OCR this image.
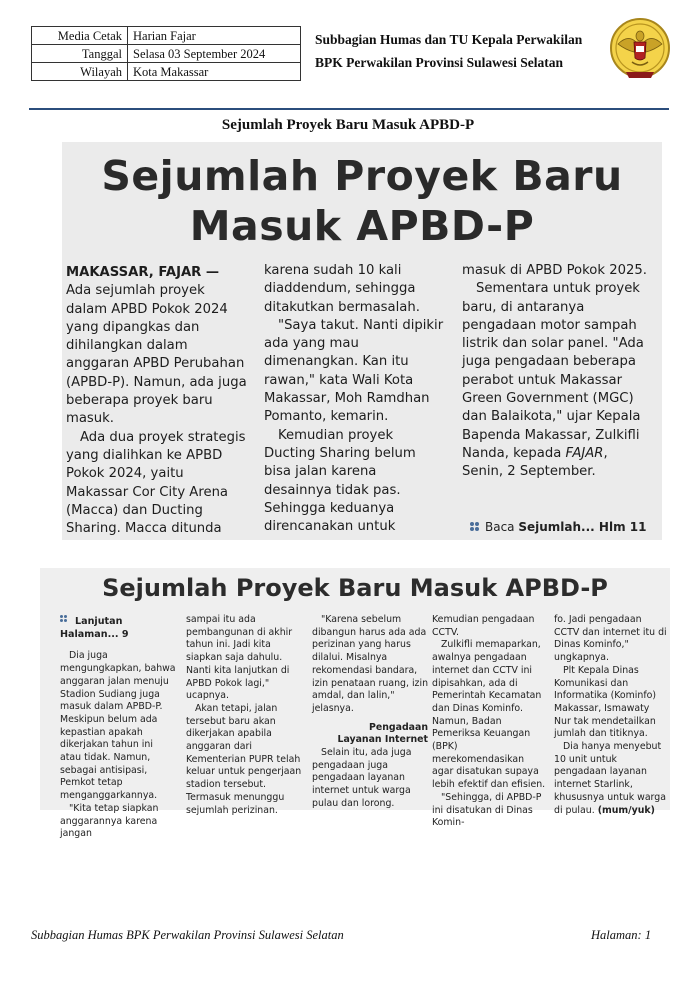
Media Cetak	Harian Fajar
Tanggal	Selasa 03 September 2024
Wilayah	Kota Makassar
Subbagian Humas dan TU Kepala Perwakilan
BPK Perwakilan Provinsi Sulawesi Selatan
Sejumlah Proyek Baru Masuk APBD-P
Sejumlah Proyek Baru
Masuk APBD-P

MAKASSAR, FAJAR — Ada sejumlah proyek dalam APBD Pokok 2024 yang dipangkas dan dihilangkan dalam anggaran APBD Perubahan (APBD-P). Namun, ada juga beberapa proyek baru masuk.

Ada dua proyek strategis yang dialihkan ke APBD Pokok 2024, yaitu Makassar Cor City Arena (Macca) dan Ducting Sharing. Macca ditunda

karena sudah 10 kali diaddendum, sehingga ditakutkan bermasalah.

"Saya takut. Nanti dipikir ada yang mau dimenangkan. Kan itu rawan," kata Wali Kota Makassar, Moh Ramdhan Pomanto, kemarin.

Kemudian proyek Ducting Sharing belum bisa jalan karena desainnya tidak pas. Sehingga keduanya direncanakan untuk

masuk di APBD Pokok 2025.

Sementara untuk proyek baru, di antaranya pengadaan motor sampah listrik dan solar panel. "Ada juga pengadaan beberapa perabot untuk Makassar Green Government (MGC) dan Balaikota," ujar Kepala Bapenda Makassar, Zulkifli Nanda, kepada FAJAR, Senin, 2 September.

Baca Sejumlah... Hlm 11
Sejumlah Proyek Baru Masuk APBD-P

Lanjutan Halaman... 9

Dia juga mengungkapkan, bahwa anggaran jalan menuju Stadion Sudiang juga masuk dalam APBD-P. Meskipun belum ada kepastian apakah dikerjakan tahun ini atau tidak. Namun, sebagai antisipasi, Pemkot tetap menganggarkannya.

"Kita tetap siapkan anggarannya karena jangan

sampai itu ada pembangunan di akhir tahun ini. Jadi kita siapkan saja dahulu. Nanti kita lanjutkan di APBD Pokok lagi," ucapnya.

Akan tetapi, jalan tersebut baru akan dikerjakan apabila anggaran dari Kementerian PUPR telah keluar untuk pengerjaan stadion tersebut. Termasuk menunggu sejumlah perizinan.

"Karena sebelum dibangun harus ada ada perizinan yang harus dilalui. Misalnya rekomendasi bandara, izin penataan ruang, izin amdal, dan lalin," jelasnya.

Pengadaan

Layanan Internet

Selain itu, ada juga pengadaan juga pengadaan layanan internet untuk warga pulau dan lorong.

Kemudian pengadaan CCTV.

Zulkifli memaparkan, awalnya pengadaan internet dan CCTV ini dipisahkan, ada di Pemerintah Kecamatan dan Dinas Kominfo. Namun, Badan Pemeriksa Keuangan (BPK) merekomendasikan agar disatukan supaya lebih efektif dan efisien.

"Sehingga, di APBD-P ini disatukan di Dinas Komin-

fo. Jadi pengadaan CCTV dan internet itu di Dinas Kominfo," ungkapnya.

Plt Kepala Dinas Komunikasi dan Informatika (Kominfo) Makassar, Ismawaty Nur tak mendetailkan jumlah dan titiknya.

Dia hanya menyebut 10 unit untuk pengadaan layanan internet Starlink, khususnya untuk warga di pulau. (mum/yuk)

Subbagian Humas BPK Perwakilan Provinsi Sulawesi Selatan	Halaman: 1
